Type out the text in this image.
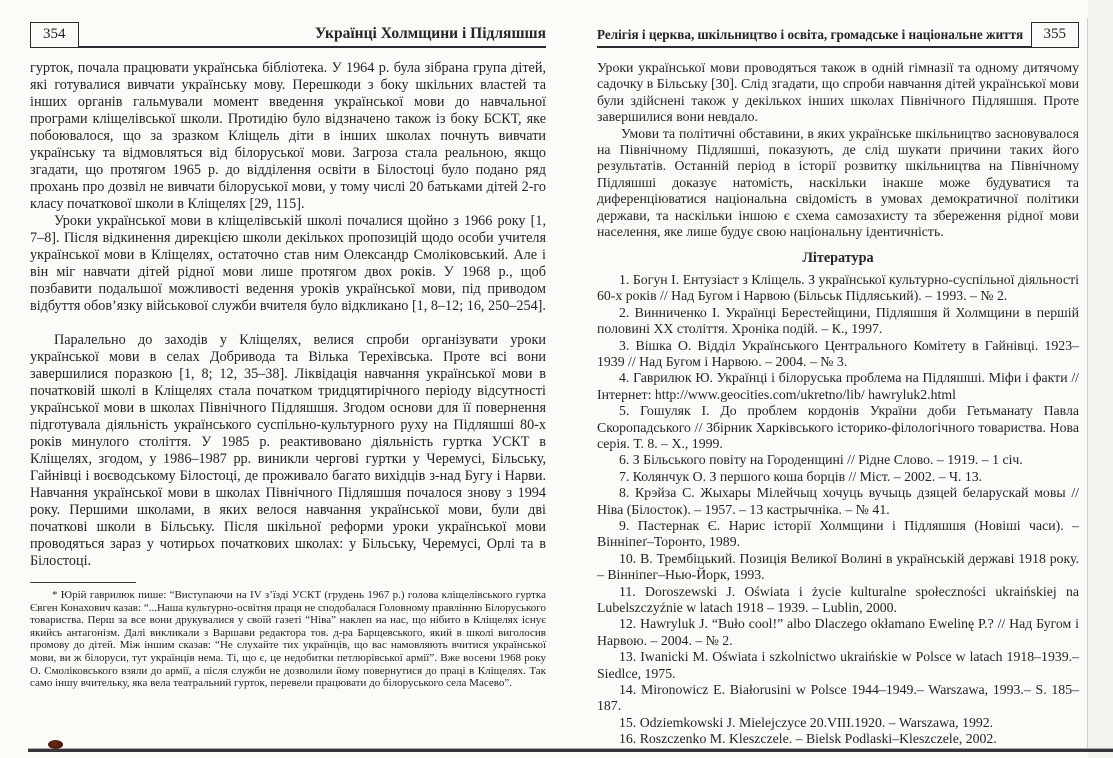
354	Українці Холмщини і Підляшшя

гурток, почала працювати українська бібліотека. У 1964 р. була зібрана група дітей, які готувалися вивчати українську мову. Перешкоди з боку шкільних властей та інших органів гальмували момент введення української мови до навчальної програми кліщелівської школи. Протидію було відзначено також із боку БСКТ, яке побоювалося, що за зразком Кліщель діти в інших школах почнуть вивчати українську та відмовляться від білоруської мови. Загроза стала реальною, якщо згадати, що протягом 1965 р. до відділення освіти в Білостоці було подано ряд прохань про дозвіл не вивчати білоруської мови, у тому числі 20 батьками дітей 2-го класу початкової школи в Кліщелях [29, 115].

Уроки української мови в кліщелівській школі почалися щойно з 1966 року [1, 7–8]. Після відкинення дирекцією школи декількох пропозицій щодо особи учителя української мови в Кліщелях, остаточно став ним Олександр Смоліковський. Але і він міг навчати дітей рідної мови лише протягом двох років. У 1968 р., щоб позбавити подальшої можливості ведення уроків української мови, під приводом відбуття обов’язку військової служби вчителя було відкликано [1, 8–12; 16, 250–254].

Паралельно до заходів у Кліщелях, велися спроби організувати уроки української мови в селах Добривода та Вілька Терехівська. Проте всі вони завершилися поразкою [1, 8; 12, 35–38]. Ліквідація навчання української мови в початковій школі в Кліщелях стала початком тридцятирічного періоду відсутності української мови в школах Північного Підляшшя. Згодом основи для її повернення підготувала діяльність українського суспільно-культурного руху на Підляшші 80-х років минулого століття. У 1985 р. реактивовано діяльність гуртка УСКТ в Кліщелях, згодом, у 1986–1987 рр. виникли чергові гуртки у Черемусі, Більську, Гайнівці і воєводському Білостоці, де проживало багато вихідців з-над Бугу і Нарви. Навчання української мови в школах Північного Підляшшя почалося знову з 1994 року. Першими школами, в яких велося навчання української мови, були дві початкові школи в Більську. Після шкільної реформи уроки української мови проводяться зараз у чотирьох початкових школах: у Більську, Черемусі, Орлі та в Білостоці.

* Юрій гаврилюк пише: “Виступаючи на IV з’їзді УСКТ (грудень 1967 р.) голова кліщелівського гуртка Євген Конахович казав: “...Наша культурно-освітня праця не сподобалася Головному правлінню Білоруського товариства. Перш за все вони друкувалися у своїй газеті “Ніва” наклеп на нас, що нібито в Кліщелях існує якийсь антагонізм. Далі викликали з Варшави редактора тов. д-ра Барщевського, який в школі виголосив промову до дітей. Між іншим сказав: “Не слухайте тих українців, що вас намовляють вчитися української мови, ви ж білоруси, тут українців нема. Ті, що є, це недобитки петлюрівської армії”. Вже восени 1968 року О. Смоліковського взяли до армії, а після служби не дозволили йому повернутися до праці в Кліщелях. Так само іншу вчительку, яка вела театральний гурток, перевели працювати до білоруського села Масево”.

Релігія і церква, шкільництво і освіта, громадське і національне життя	355

Уроки української мови проводяться також в одній гімназії та одному дитячому садочку в Більську [30]. Слід згадати, що спроби навчання дітей української мови були здійснені також у декількох інших школах Північного Підляшшя. Проте завершилися вони невдало.

Умови та політичні обставини, в яких українське шкільництво засновувалося на Північному Підляшші, показують, де слід шукати причини таких його результатів. Останній період в історії розвитку шкільництва на Північному Підляшші доказує натомість, наскільки інакше може будуватися та диференціюватися національна свідомість в умовах демократичної політики держави, та наскільки іншою є схема самозахисту та збереження рідної мови населення, яке лише будує свою національну ідентичність.

Література

1. Богун І. Ентузіаст з Кліщель. З української культурно-суспільної діяльності 60-х років // Над Бугом і Нарвою (Більськ Підляський). – 1993. – № 2.

2. Винниченко І. Українці Берестейщини, Підляшшя й Холмщини в першій половині XX століття. Хроніка подій. – К., 1997.

3. Вішка О. Відділ Українського Центрального Комітету в Гайнівці. 1923–1939 // Над Бугом і Нарвою. – 2004. – № 3.

4. Гаврилюк Ю. Українці і білоруська проблема на Підляшші. Міфи і факти // Інтернет: http://www.geocities.com/ukretno/lib/ hawryluk2.html

5. Гошуляк І. До проблем кордонів України доби Гетьманату Павла Скоропадського // Збірник Харківського історико-філологічного товариства. Нова серія. Т. 8. – Х., 1999.

6. З Більського повіту на Городенщині // Рідне Слово. – 1919. – 1 січ.

7. Колянчук О. З першого коша борців // Міст. – 2002. – Ч. 13.

8. Крэйза С. Жыхары Мілейчыц хочуць вучыць дзяцей беларускай мовы // Ніва (Білосток). – 1957. – 13 кастрычніка. – № 41.

9. Пастернак Є. Нарис історії Холмщини і Підляшшя (Новіші часи). – Вінніпеґ–Торонто, 1989.

10. В. Трембіцький. Позиція Великої Волині в українській державі 1918 року. – Вінніпег–Нью-Йорк, 1993.

11. Doroszewski J. Oświata i życie kulturalne społeczności ukraińskiej na Lubelszczyźnie w latach 1918 – 1939. – Lublin, 2000.

12. Hawryluk J. “Buło cool!” albo Dlaczego okłamano Ewelinę P.? // Над Бугом і Нарвою. – 2004. – № 2.

13. Iwanicki M. Oświata i szkolnictwo ukraińskie w Polsce w latach 1918–1939.– Siedlce, 1975.

14. Mironowicz E. Białorusini w Polsce 1944–1949.– Warszawa, 1993.– S. 185–187.

15. Odziemkowski J. Mielejczyce 20.VIII.1920. – Warszawa, 1992.

16. Roszczenko M. Kleszczele. – Bielsk Podlaski–Kleszczele, 2002.
